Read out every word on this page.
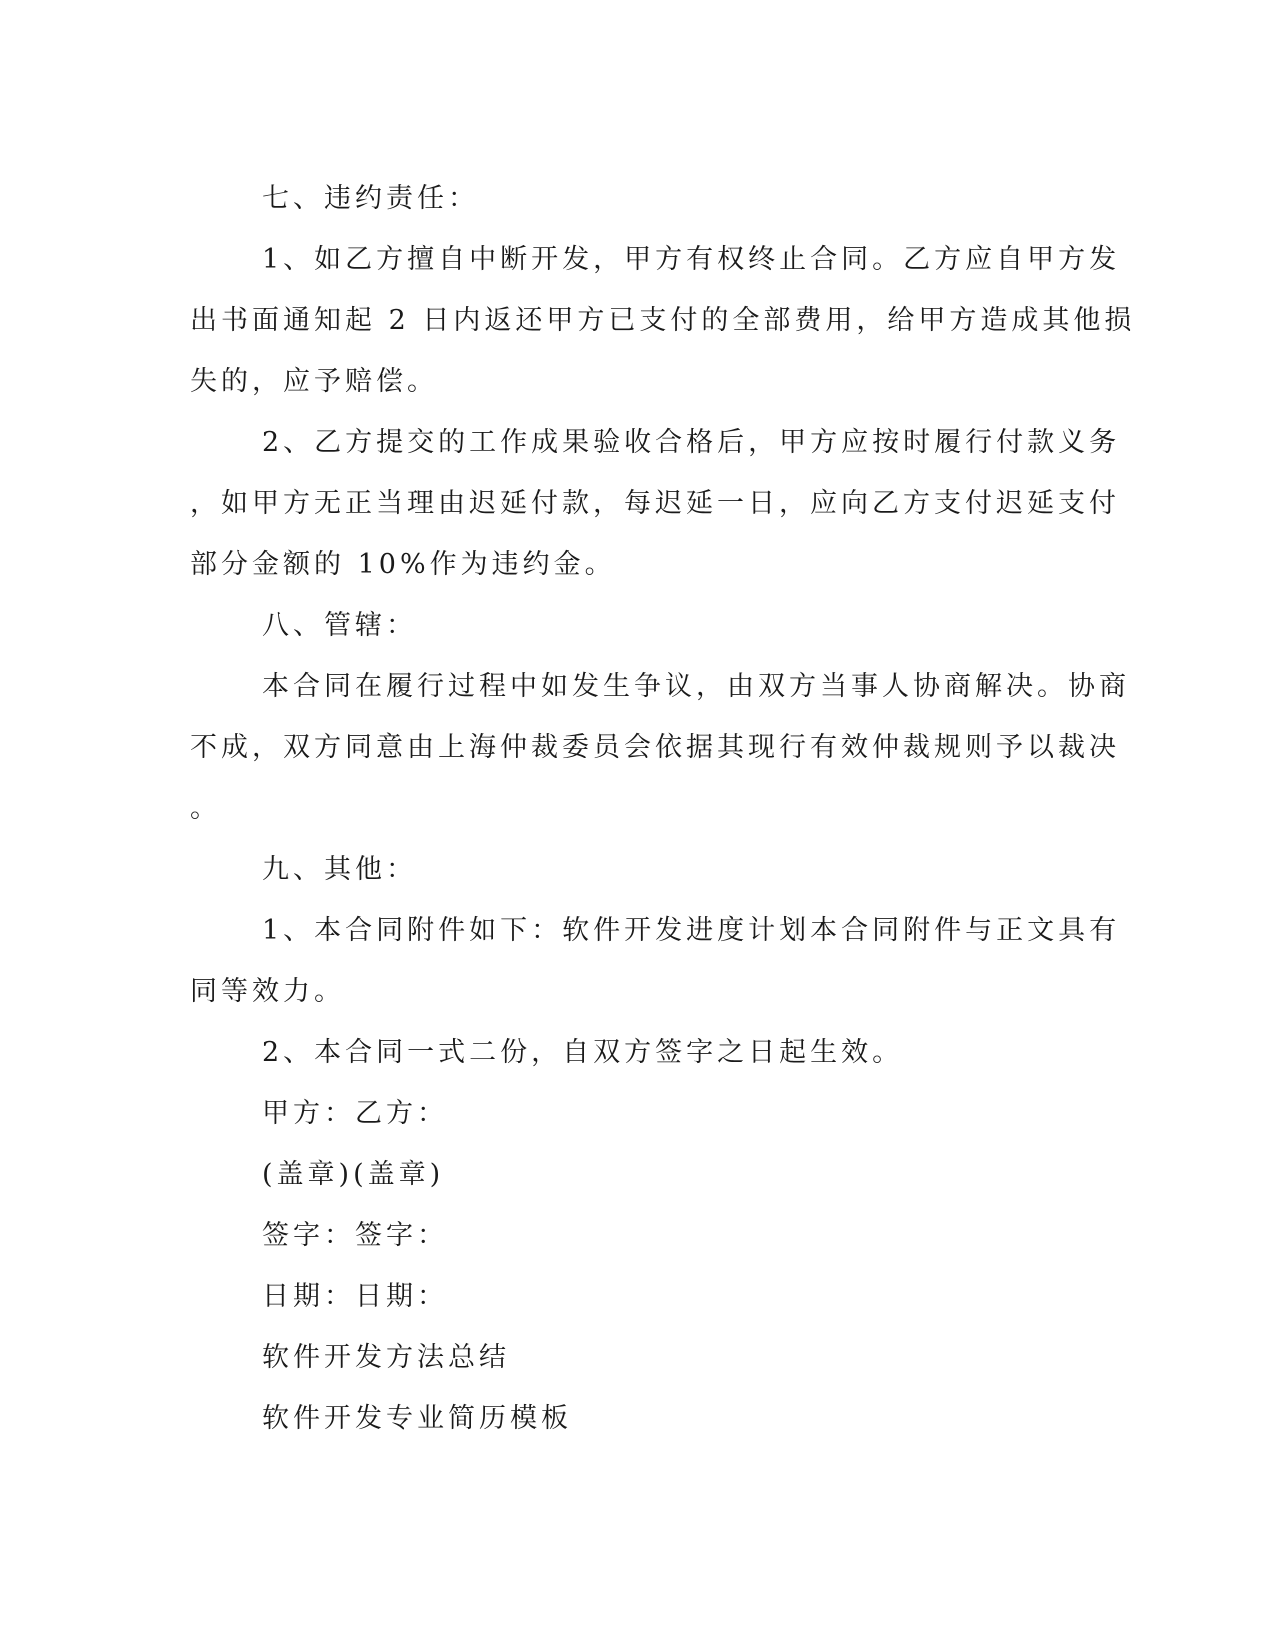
七、违约责任：
1、如乙方擅自中断开发，甲方有权终止合同。乙方应自甲方发
出书面通知起 2 日内返还甲方已支付的全部费用，给甲方造成其他损
失的，应予赔偿。
2、乙方提交的工作成果验收合格后，甲方应按时履行付款义务
，如甲方无正当理由迟延付款，每迟延一日，应向乙方支付迟延支付
部分金额的 10%作为违约金。
八、管辖：
本合同在履行过程中如发生争议，由双方当事人协商解决。协商
不成，双方同意由上海仲裁委员会依据其现行有效仲裁规则予以裁决
。
九、其他：
1、本合同附件如下：软件开发进度计划本合同附件与正文具有
同等效力。
2、本合同一式二份，自双方签字之日起生效。
甲方：乙方：
(盖章)(盖章)
签字：签字：
日期：日期：
软件开发方法总结
软件开发专业简历模板
